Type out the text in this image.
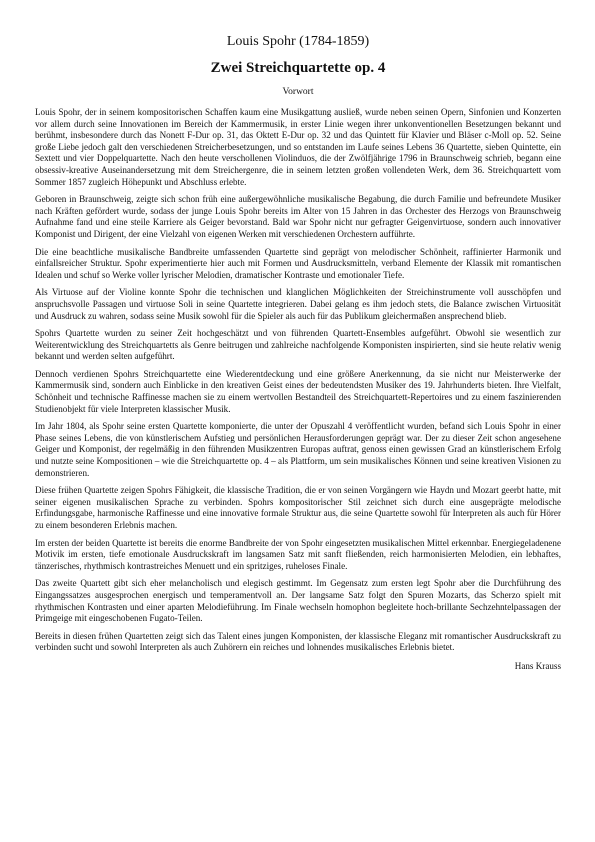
Louis Spohr (1784-1859)
Zwei Streichquartette op. 4
Vorwort

Louis Spohr, der in seinem kompositorischen Schaffen kaum eine Musikgattung ausließ, wurde neben seinen Opern, Sinfonien und Konzerten vor allem durch seine Innovationen im Bereich der Kammermusik, in erster Linie wegen ihrer unkonventionellen Besetzungen bekannt und berühmt, insbesondere durch das Nonett F-Dur op. 31, das Oktett E-Dur op. 32 und das Quintett für Klavier und Bläser c-Moll op. 52. Seine große Liebe jedoch galt den verschiedenen Streicherbesetzungen, und so entstanden im Laufe seines Lebens 36 Quartette, sieben Quintette, ein Sextett und vier Doppelquartette. Nach den heute verschollenen Violinduos, die der Zwölfjährige 1796 in Braunschweig schrieb, begann eine obsessiv-kreative Auseinandersetzung mit dem Streichergenre, die in seinem letzten großen vollendeten Werk, dem 36. Streichquartett vom Sommer 1857 zugleich Höhepunkt und Abschluss erlebte.

Geboren in Braunschweig, zeigte sich schon früh eine außergewöhnliche musikalische Begabung, die durch Familie und befreundete Musiker nach Kräften gefördert wurde, sodass der junge Louis Spohr bereits im Alter von 15 Jahren in das Orchester des Herzogs von Braunschweig Aufnahme fand und eine steile Karriere als Geiger bevorstand. Bald war Spohr nicht nur gefragter Geigenvirtuose, sondern auch innovativer Komponist und Dirigent, der eine Vielzahl von eigenen Werken mit verschiedenen Orchestern aufführte.

Die eine beachtliche musikalische Bandbreite umfassenden Quartette sind geprägt von melodischer Schönheit, raffinierter Harmonik und einfallsreicher Struktur. Spohr experimentierte hier auch mit Formen und Ausdrucksmitteln, verband Elemente der Klassik mit romantischen Idealen und schuf so Werke voller lyrischer Melodien, dramatischer Kontraste und emotionaler Tiefe.

Als Virtuose auf der Violine konnte Spohr die technischen und klanglichen Möglichkeiten der Streichinstrumente voll ausschöpfen und anspruchsvolle Passagen und virtuose Soli in seine Quartette integrieren. Dabei gelang es ihm jedoch stets, die Balance zwischen Virtuosität und Ausdruck zu wahren, sodass seine Musik sowohl für die Spieler als auch für das Publikum gleichermaßen ansprechend blieb.

Spohrs Quartette wurden zu seiner Zeit hochgeschätzt und von führenden Quartett-Ensembles aufgeführt. Obwohl sie wesentlich zur Weiterentwicklung des Streichquartetts als Genre beitrugen und zahlreiche nachfolgende Komponisten inspirierten, sind sie heute relativ wenig bekannt und werden selten aufgeführt.

Dennoch verdienen Spohrs Streichquartette eine Wiederentdeckung und eine größere Anerkennung, da sie nicht nur Meisterwerke der Kammermusik sind, sondern auch Einblicke in den kreativen Geist eines der bedeutendsten Musiker des 19. Jahrhunderts bieten. Ihre Vielfalt, Schönheit und technische Raffinesse machen sie zu einem wertvollen Bestandteil des Streichquartett-Repertoires und zu einem faszinierenden Studienobjekt für viele Interpreten klassischer Musik.

Im Jahr 1804, als Spohr seine ersten Quartette komponierte, die unter der Opuszahl 4 veröffentlicht wurden, befand sich Louis Spohr in einer Phase seines Lebens, die von künstlerischem Aufstieg und persönlichen Herausforderungen geprägt war. Der zu dieser Zeit schon angesehene Geiger und Komponist, der regelmäßig in den führenden Musikzentren Europas auftrat, genoss einen gewissen Grad an künstlerischem Erfolg und nutzte seine Kompositionen – wie die Streichquartette op. 4 – als Plattform, um sein musikalisches Können und seine kreativen Visionen zu demonstrieren.

Diese frühen Quartette zeigen Spohrs Fähigkeit, die klassische Tradition, die er von seinen Vorgängern wie Haydn und Mozart geerbt hatte, mit seiner eigenen musikalischen Sprache zu verbinden. Spohrs kompositorischer Stil zeichnet sich durch eine ausgeprägte melodische Erfindungsgabe, harmonische Raffinesse und eine innovative formale Struktur aus, die seine Quartette sowohl für Interpreten als auch für Hörer zu einem besonderen Erlebnis machen.

Im ersten der beiden Quartette ist bereits die enorme Bandbreite der von Spohr eingesetzten musikalischen Mittel erkennbar. Energiegeladenene Motivik im ersten, tiefe emotionale Ausdruckskraft im langsamen Satz mit sanft fließenden, reich harmonisierten Melodien, ein lebhaftes, tänzerisches, rhythmisch kontrastreiches Menuett und ein spritziges, ruheloses Finale.

Das zweite Quartett gibt sich eher melancholisch und elegisch gestimmt. Im Gegensatz zum ersten legt Spohr aber die Durchführung des Eingangssatzes ausgesprochen energisch und temperamentvoll an. Der langsame Satz folgt den Spuren Mozarts, das Scherzo spielt mit rhythmischen Kontrasten und einer aparten Melodieführung. Im Finale wechseln homophon begleitete hoch-brillante Sechzehntelpassagen der Primgeige mit eingeschobenen Fugato-Teilen.

Bereits in diesen frühen Quartetten zeigt sich das Talent eines jungen Komponisten, der klassische Eleganz mit romantischer Ausdruckskraft zu verbinden sucht und sowohl Interpreten als auch Zuhörern ein reiches und lohnendes musikalisches Erlebnis bietet.

Hans Krauss
